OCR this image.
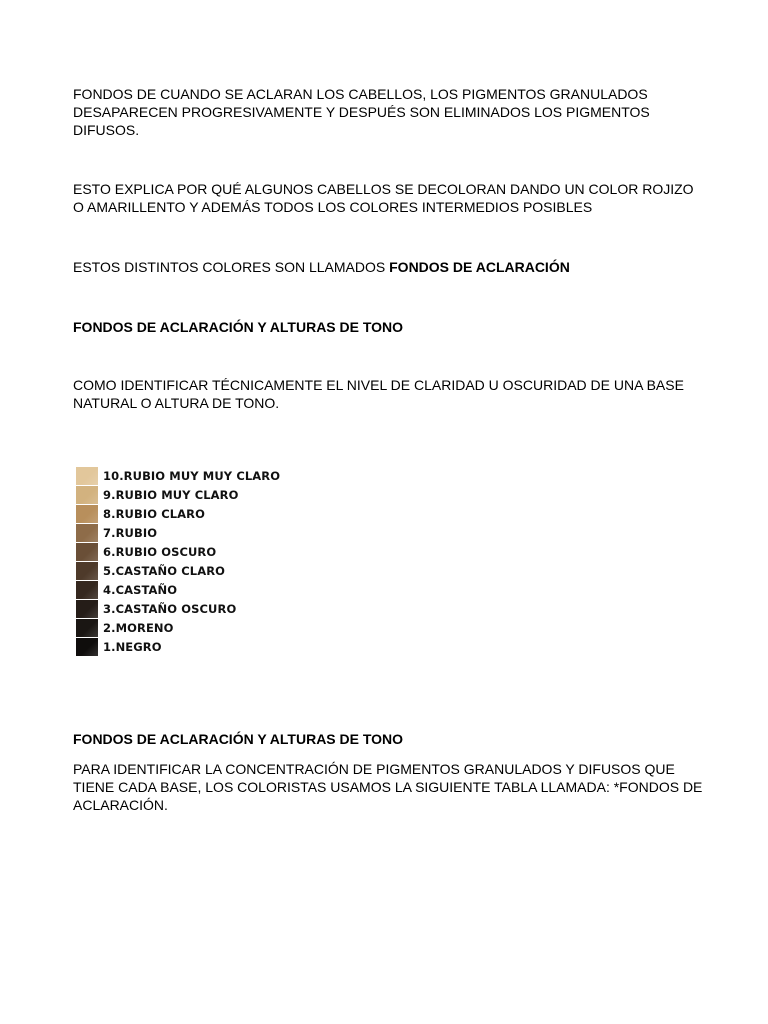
FONDOS DE CUANDO SE ACLARAN LOS CABELLOS, LOS PIGMENTOS GRANULADOS DESAPARECEN PROGRESIVAMENTE Y DESPUÉS SON ELIMINADOS LOS PIGMENTOS DIFUSOS.

ESTO EXPLICA POR QUÉ ALGUNOS CABELLOS SE DECOLORAN DANDO UN COLOR ROJIZO O AMARILLENTO Y ADEMÁS TODOS LOS COLORES INTERMEDIOS POSIBLES

ESTOS DISTINTOS COLORES SON LLAMADOS FONDOS DE ACLARACIÓN

FONDOS DE ACLARACIÓN Y ALTURAS DE TONO

COMO IDENTIFICAR TÉCNICAMENTE EL NIVEL DE CLARIDAD U OSCURIDAD DE UNA BASE NATURAL O ALTURA DE TONO.

10.RUBIO MUY MUY CLARO
9.RUBIO MUY CLARO
8.RUBIO CLARO
7.RUBIO
6.RUBIO OSCURO
5.CASTAÑO CLARO
4.CASTAÑO
3.CASTAÑO OSCURO
2.MORENO
1.NEGRO

FONDOS DE ACLARACIÓN Y ALTURAS DE TONO

PARA IDENTIFICAR LA CONCENTRACIÓN DE PIGMENTOS GRANULADOS Y DIFUSOS QUE TIENE CADA BASE, LOS COLORISTAS USAMOS LA SIGUIENTE TABLA LLAMADA: *FONDOS DE ACLARACIÓN.
